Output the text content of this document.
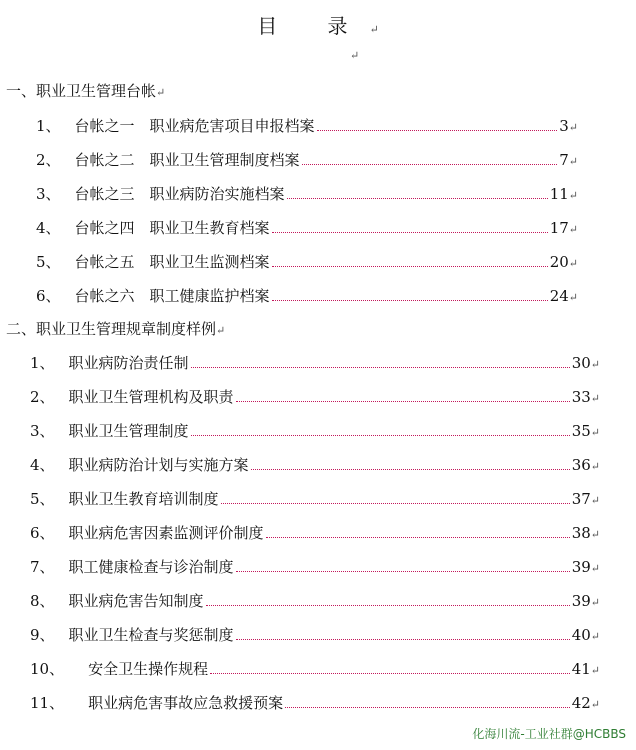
目 录↵
↵
一、职业卫生管理台帐↵
1、 台帐之一　职业病危害项目申报档案 ………………………………………………………………………………………………	3 ↵
2、 台帐之二　职业卫生管理制度档案 ………………………………………………………………………………………………	7 ↵
3、 台帐之三　职业病防治实施档案 ………………………………………………………………………………………………	11 ↵
4、 台帐之四　职业卫生教育档案 ………………………………………………………………………………………………	17 ↵
5、 台帐之五　职业卫生监测档案 ………………………………………………………………………………………………	20 ↵
6、 台帐之六　职工健康监护档案 ………………………………………………………………………………………………	24 ↵
二、职业卫生管理规章制度样例↵
1、 职业病防治责任制 ………………………………………………………………………………………………	30 ↵
2、 职业卫生管理机构及职责 ………………………………………………………………………………………………	33 ↵
3、 职业卫生管理制度 ………………………………………………………………………………………………	35 ↵
4、 职业病防治计划与实施方案 ………………………………………………………………………………………………	36 ↵
5、 职业卫生教育培训制度 ………………………………………………………………………………………………	37 ↵
6、 职业病危害因素监测评价制度 ………………………………………………………………………………………………	38 ↵
7、 职工健康检查与诊治制度 ………………………………………………………………………………………………	39 ↵
8、 职业病危害告知制度 ………………………………………………………………………………………………	39 ↵
9、 职业卫生检查与奖惩制度 ………………………………………………………………………………………………	40 ↵
10、 安全卫生操作规程 ………………………………………………………………………………………………	41 ↵
11、 职业病危害事故应急救援预案 ………………………………………………………………………………………………	42 ↵
化海川流-工业社群@HCBBS
